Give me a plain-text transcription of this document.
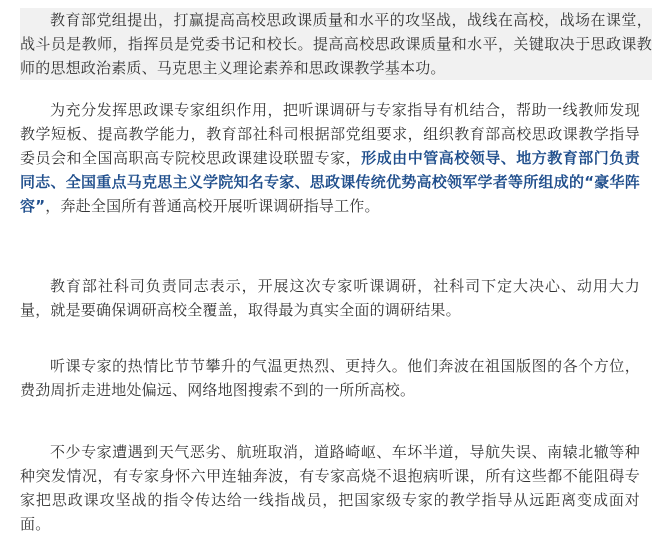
教育部党组提出，打赢提高高校思政课质量和水平的攻坚战，战线在高校，战场在课堂，战斗员是教师，指挥员是党委书记和校长。提高高校思政课质量和水平，关键取决于思政课教师的思想政治素质、马克思主义理论素养和思政课教学基本功。

为充分发挥思政课专家组织作用，把听课调研与专家指导有机结合，帮助一线教师发现教学短板、提高教学能力，教育部社科司根据部党组要求，组织教育部高校思政课教学指导委员会和全国高职高专院校思政课建设联盟专家，形成由中管高校领导、地方教育部门负责同志、全国重点马克思主义学院知名专家、思政课传统优势高校领军学者等所组成的“豪华阵容”，奔赴全国所有普通高校开展听课调研指导工作。

教育部社科司负责同志表示，开展这次专家听课调研，社科司下定大决心、动用大力量，就是要确保调研高校全覆盖，取得最为真实全面的调研结果。

听课专家的热情比节节攀升的气温更热烈、更持久。他们奔波在祖国版图的各个方位，费劲周折走进地处偏远、网络地图搜索不到的一所所高校。

不少专家遭遇到天气恶劣、航班取消，道路崎岖、车坏半道，导航失误、南辕北辙等种种突发情况，有专家身怀六甲连轴奔波，有专家高烧不退抱病听课，所有这些都不能阻碍专家把思政课攻坚战的指令传达给一线指战员，把国家级专家的教学指导从远距离变成面对面。
